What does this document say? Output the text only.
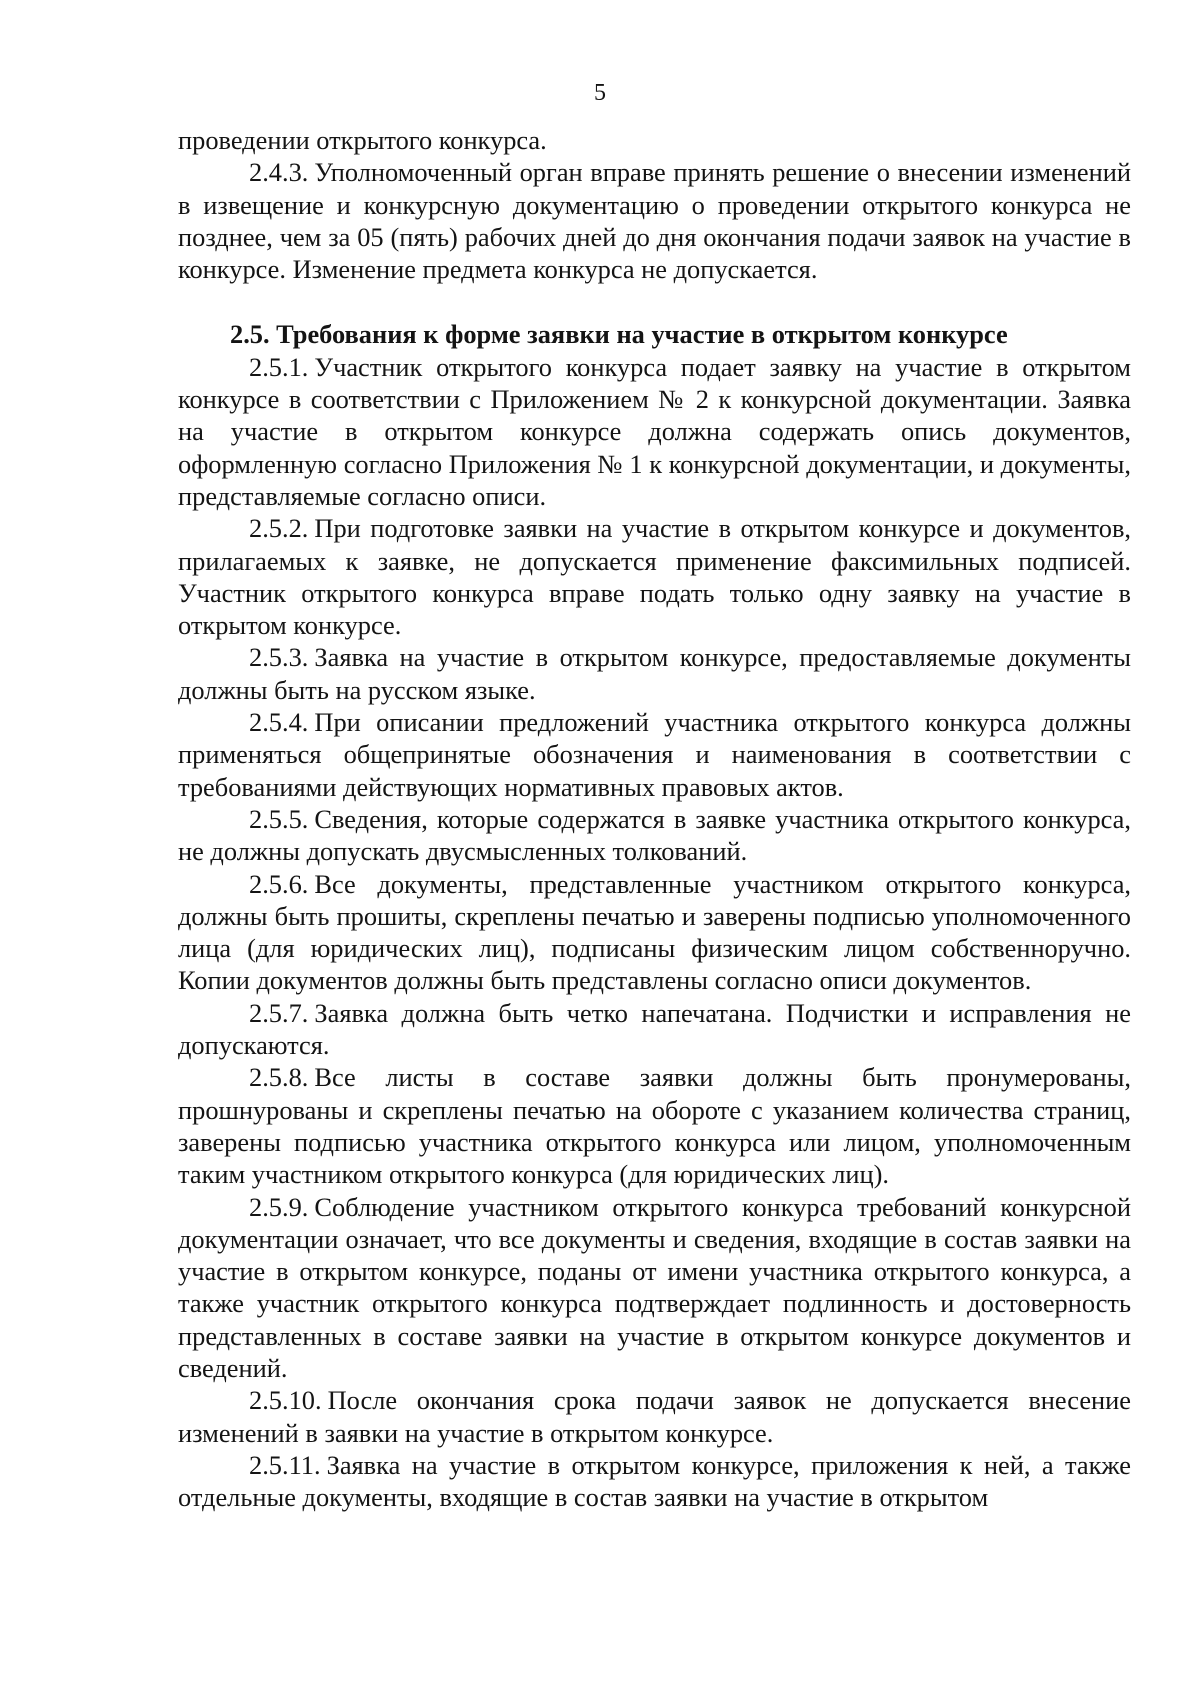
5

проведении открытого конкурса.

2.4.3. Уполномоченный орган вправе принять решение о внесении изменений в извещение и конкурсную документацию о проведении открытого конкурса не позднее, чем за 05 (пять) рабочих дней до дня окончания подачи заявок на участие в конкурсе. Изменение предмета конкурса не допускается.

2.5. Требования к форме заявки на участие в открытом конкурсе

2.5.1. Участник открытого конкурса подает заявку на участие в открытом конкурсе в соответствии с Приложением № 2 к конкурсной документации. Заявка на участие в открытом конкурсе должна содержать опись документов, оформленную согласно Приложения № 1 к конкурсной документации, и документы, представляемые согласно описи.

2.5.2. При подготовке заявки на участие в открытом конкурсе и документов, прилагаемых к заявке, не допускается применение факсимильных подписей. Участник открытого конкурса вправе подать только одну заявку на участие в открытом конкурсе.

2.5.3. Заявка на участие в открытом конкурсе, предоставляемые документы должны быть на русском языке.

2.5.4. При описании предложений участника открытого конкурса должны применяться общепринятые обозначения и наименования в соответствии с требованиями действующих нормативных правовых актов.

2.5.5. Сведения, которые содержатся в заявке участника открытого конкурса, не должны допускать двусмысленных толкований.

2.5.6. Все документы, представленные участником открытого конкурса, должны быть прошиты, скреплены печатью и заверены подписью уполномоченного лица (для юридических лиц), подписаны физическим лицом собственноручно. Копии документов должны быть представлены согласно описи документов.

2.5.7. Заявка должна быть четко напечатана. Подчистки и исправления не допускаются.

2.5.8. Все листы в составе заявки должны быть пронумерованы, прошнурованы и скреплены печатью на обороте с указанием количества страниц, заверены подписью участника открытого конкурса или лицом, уполномоченным таким участником открытого конкурса (для юридических лиц).

2.5.9. Соблюдение участником открытого конкурса требований конкурсной документации означает, что все документы и сведения, входящие в состав заявки на участие в открытом конкурсе, поданы от имени участника открытого конкурса, а также участник открытого конкурса подтверждает подлинность и достоверность представленных в составе заявки на участие в открытом конкурсе документов и сведений.

2.5.10. После окончания срока подачи заявок не допускается внесение изменений в заявки на участие в открытом конкурсе.

2.5.11. Заявка на участие в открытом конкурсе, приложения к ней, а также отдельные документы, входящие в состав заявки на участие в открытом
